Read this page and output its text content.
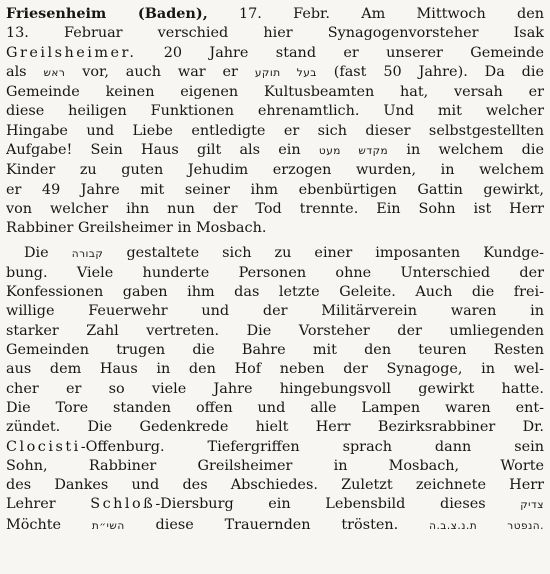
Friesenheim (Baden), 17. Febr. Am Mittwoch den
13. Februar verschied hier Synagogenvorsteher Isak
Greilsheimer. 20 Jahre stand er unserer Gemeinde
als ראש vor, auch war er בעל תוקע (fast 50 Jahre). Da die
Gemeinde keinen eigenen Kultusbeamten hat, versah er
diese heiligen Funktionen ehrenamtlich. Und mit welcher
Hingabe und Liebe entledigte er sich dieser selbstgestellten
Aufgabe! Sein Haus gilt als ein מקדש מעט in welchem die
Kinder zu guten Jehudim erzogen wurden, in welchem
er 49 Jahre mit seiner ihm ebenbürtigen Gattin gewirkt,
von welcher ihn nun der Tod trennte. Ein Sohn ist Herr
Rabbiner Greilsheimer in Mosbach.
Die קבורה gestaltete sich zu einer imposanten Kundge-
bung. Viele hunderte Personen ohne Unterschied der
Konfessionen gaben ihm das letzte Geleite. Auch die frei-
willige Feuerwehr und der Militärverein waren in
starker Zahl vertreten. Die Vorsteher der umliegenden
Gemeinden trugen die Bahre mit den teuren Resten
aus dem Haus in den Hof neben der Synagoge, in wel-
cher er so viele Jahre hingebungsvoll gewirkt hatte.
Die Tore standen offen und alle Lampen waren ent-
zündet. Die Gedenkrede hielt Herr Bezirksrabbiner Dr.
Clocisti-Offenburg. Tiefergriffen sprach dann sein
Sohn, Rabbiner Greilsheimer in Mosbach, Worte
des Dankes und des Abschiedes. Zuletzt zeichnete Herr
Lehrer Schloß-Diersburg ein Lebensbild dieses צדיק
Möchte השי״ת diese Trauernden trösten. הנפטר ת.נ.צ.ב.ה.
